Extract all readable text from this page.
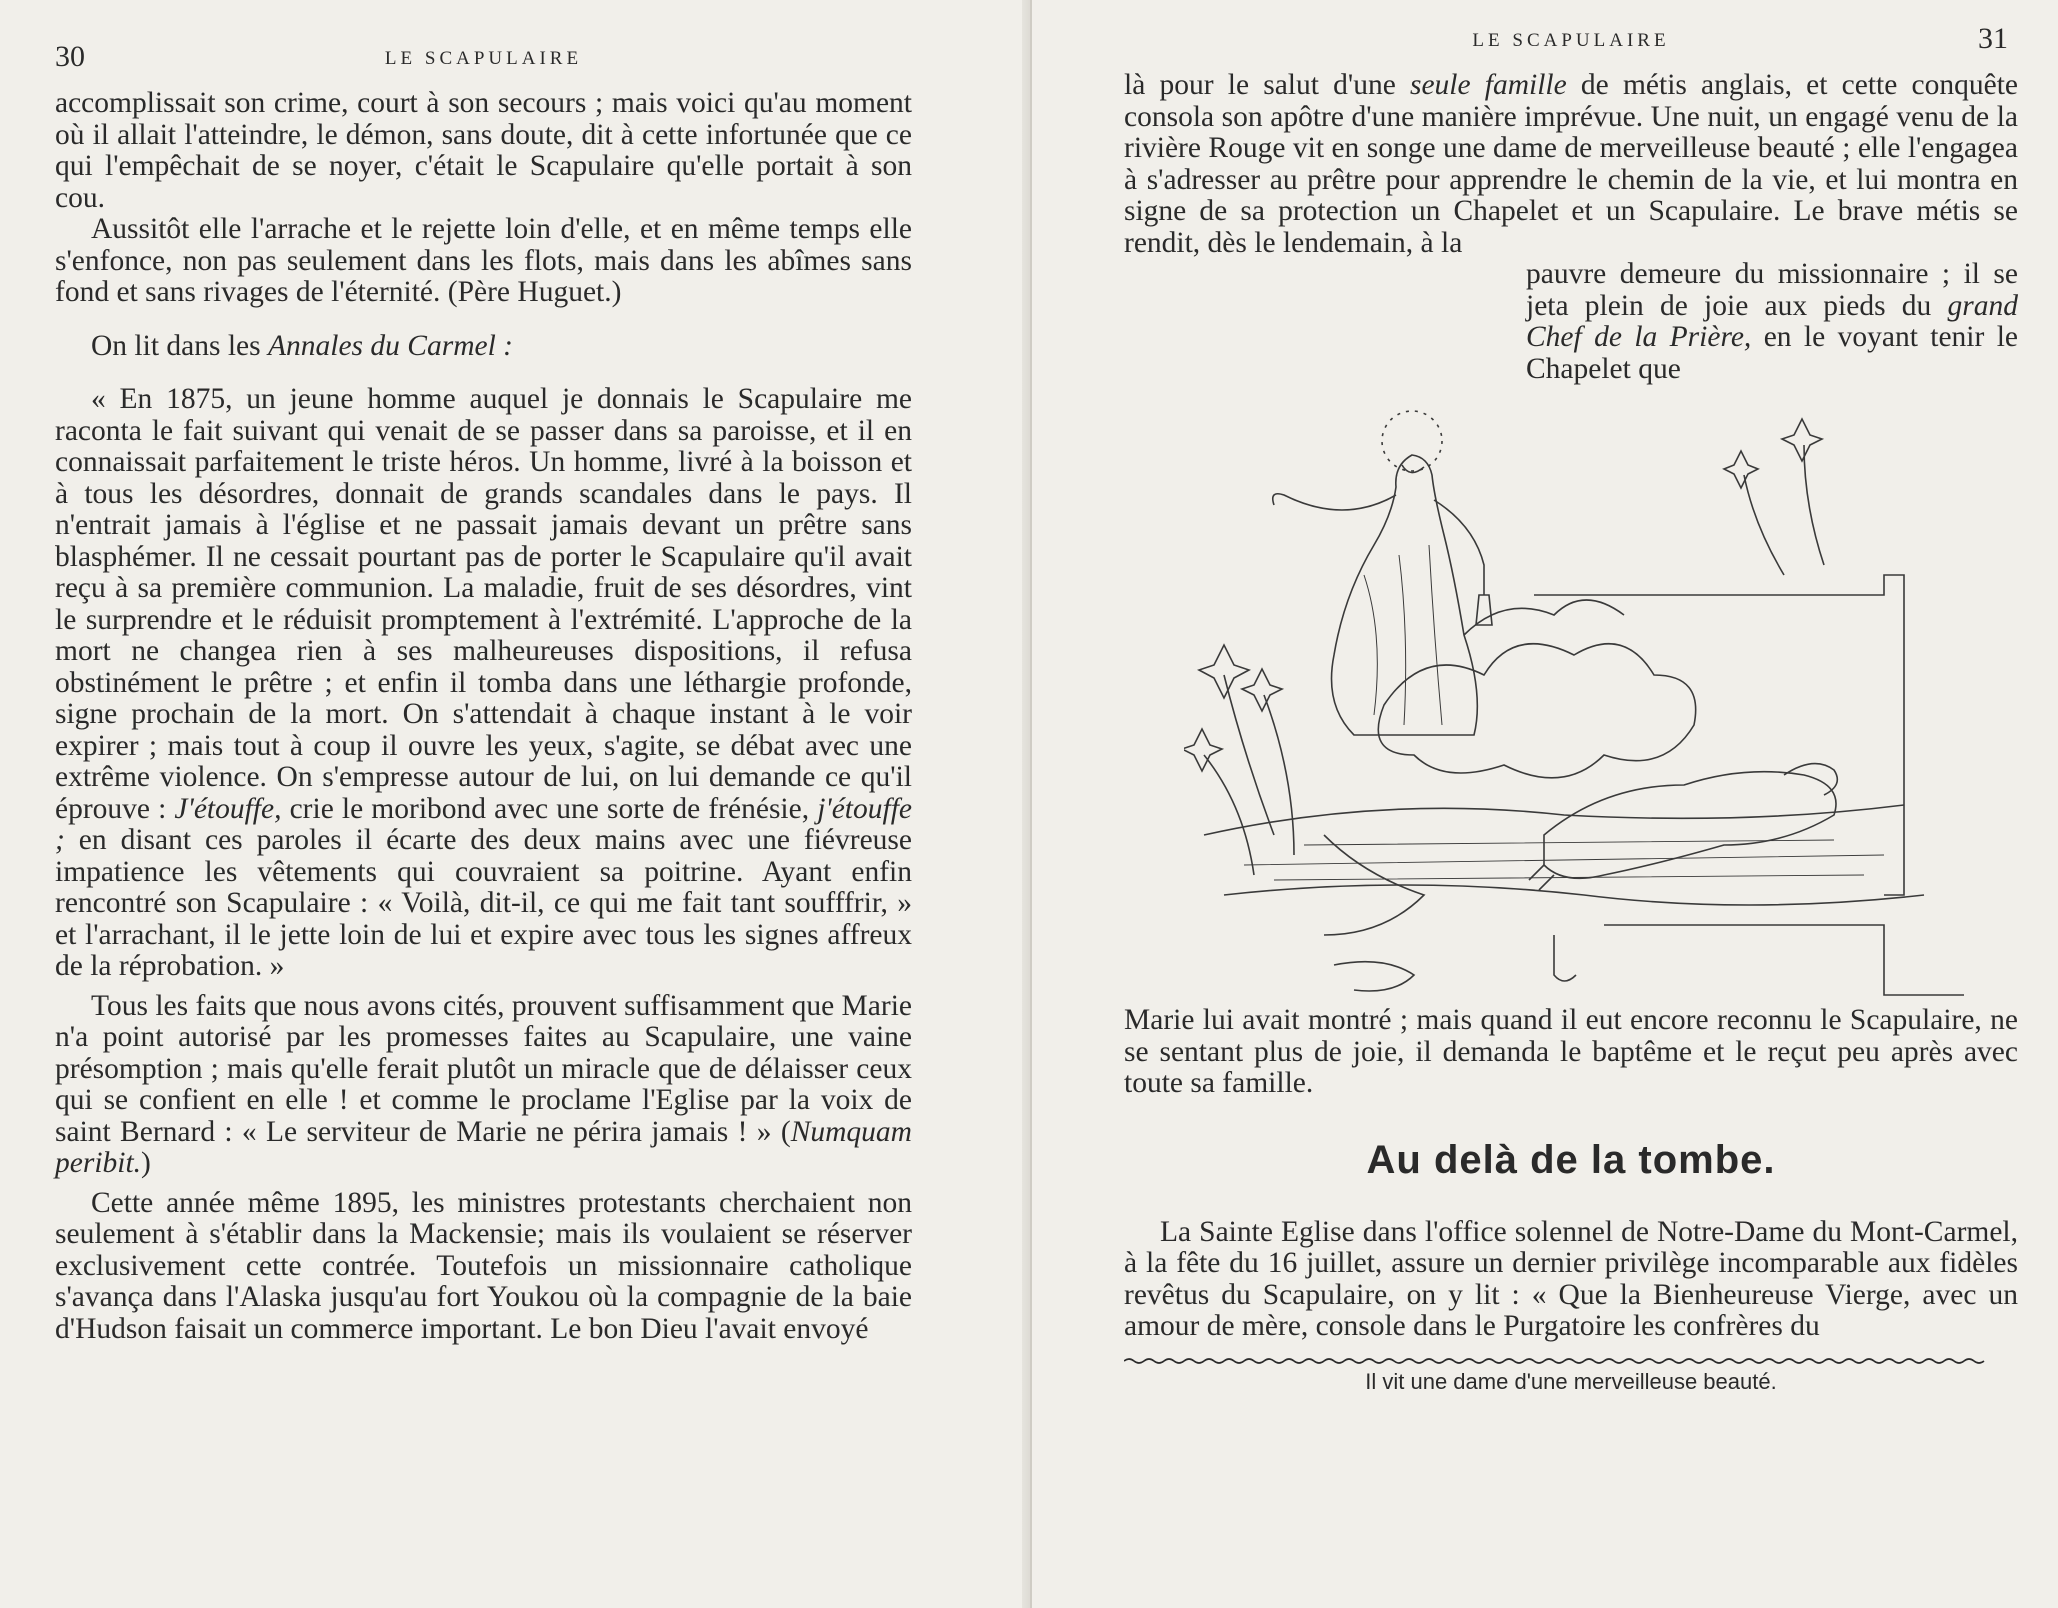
30	LE SCAPULAIRE

accomplissait son crime, court à son secours ; mais voici qu'au moment où il allait l'atteindre, le démon, sans doute, dit à cette infortunée que ce qui l'empêchait de se noyer, c'était le Scapulaire qu'elle portait à son cou.

Aussitôt elle l'arrache et le rejette loin d'elle, et en même temps elle s'enfonce, non pas seulement dans les flots, mais dans les abîmes sans fond et sans rivages de l'éternité. (Père Huguet.)

On lit dans les Annales du Carmel :

« En 1875, un jeune homme auquel je donnais le Scapulaire me raconta le fait suivant qui venait de se passer dans sa paroisse, et il en connaissait parfaitement le triste héros. Un homme, livré à la boisson et à tous les désordres, donnait de grands scandales dans le pays. Il n'entrait jamais à l'église et ne passait jamais devant un prêtre sans blasphémer. Il ne cessait pourtant pas de porter le Scapulaire qu'il avait reçu à sa première communion. La maladie, fruit de ses désordres, vint le surprendre et le réduisit promptement à l'extrémité. L'approche de la mort ne changea rien à ses malheureuses dispositions, il refusa obstinément le prêtre ; et enfin il tomba dans une léthargie profonde, signe prochain de la mort. On s'attendait à chaque instant à le voir expirer ; mais tout à coup il ouvre les yeux, s'agite, se débat avec une extrême violence. On s'empresse autour de lui, on lui demande ce qu'il éprouve : J'étouffe, crie le moribond avec une sorte de frénésie, j'étouffe ; en disant ces paroles il écarte des deux mains avec une fiévreuse impatience les vêtements qui couvraient sa poitrine. Ayant enfin rencontré son Scapulaire : « Voilà, dit-il, ce qui me fait tant soufffrir, » et l'arrachant, il le jette loin de lui et expire avec tous les signes affreux de la réprobation. »

Tous les faits que nous avons cités, prouvent suffisamment que Marie n'a point autorisé par les promesses faites au Scapulaire, une vaine présomption ; mais qu'elle ferait plutôt un miracle que de délaisser ceux qui se confient en elle ! et comme le proclame l'Eglise par la voix de saint Bernard : « Le serviteur de Marie ne périra jamais ! » (Numquam peribit.)

Cette année même 1895, les ministres protestants cherchaient non seulement à s'établir dans la Mackensie; mais ils voulaient se réserver exclusivement cette contrée. Toutefois un missionnaire catholique s'avança dans l'Alaska jusqu'au fort Youkou où la compagnie de la baie d'Hudson faisait un commerce important. Le bon Dieu l'avait envoyé

LE SCAPULAIRE	31

là pour le salut d'une seule famille de métis anglais, et cette conquête consola son apôtre d'une manière imprévue. Une nuit, un engagé venu de la rivière Rouge vit en songe une dame de merveilleuse beauté ; elle l'engagea à s'adresser au prêtre pour apprendre le chemin de la vie, et lui montra en signe de sa protection un Chapelet et un Scapulaire. Le brave métis se rendit, dès le lendemain, à la

pauvre demeure du missionnaire ; il se jeta plein de joie aux pieds du grand Chef de la Prière, en le voyant tenir le Chapelet que

Marie lui avait montré ; mais quand il eut encore reconnu le Scapulaire, ne se sentant plus de joie, il demanda le baptême et le reçut peu après avec toute sa famille.

Au delà de la tombe.

La Sainte Eglise dans l'office solennel de Notre-Dame du Mont-Carmel, à la fête du 16 juillet, assure un dernier privilège incomparable aux fidèles revêtus du Scapulaire, on y lit : « Que la Bienheureuse Vierge, avec un amour de mère, console dans le Purgatoire les confrères du

Il vit une dame d'une merveilleuse beauté.
